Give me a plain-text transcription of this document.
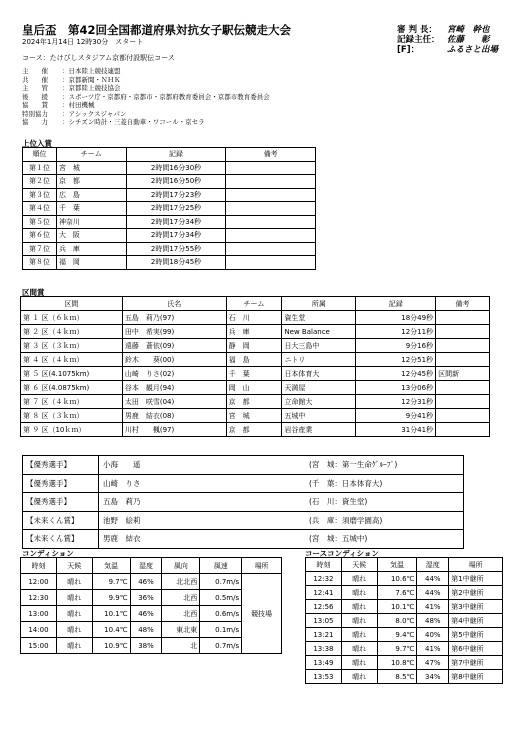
皇后盃　第42回全国都道府県対抗女子駅伝競走大会
2024年1月14日 12時30分　スタート
審 判 長：	宮崎　幹也
記録主任： 佐藤　　彰
[F]：	ふるさと出場
コース：たけびしスタジアム京都付設駅伝コース
主　　催	：日本陸上競技連盟
共　　催	：京都新聞・ＮＨＫ
主　　管	：京都陸上競技協会
後　　援	：スポーツ庁・京都府・京都市・京都府教育委員会・京都市教育委員会
協　　賛	：村田機械
特別協力	：アシックスジャパン
協　　力	：シチズン時計・三菱自動車・ワコール・京セラ
上位入賞
順位	チーム	記録	備考
第１位	宮　城	2時間16分30秒	
第２位	京　都	2時間16分50秒	
第３位	広　島	2時間17分23秒	
第４位	千　葉	2時間17分25秒	
第５位	神奈川	2時間17分34秒	
第６位	大　阪	2時間17分34秒	
第７位	兵　庫	2時間17分55秒	
第８位	福　岡	2時間18分45秒	
区間賞
区間	氏名	チーム	所属	記録	備考
第 １ 区（６ｋｍ）	五島　莉乃(97)	石　川	資生堂	18分49秒	
第 ２ 区（４ｋｍ）	田中　希実(99)	兵　庫	New Balance	12分11秒	
第 ３ 区（３ｋｍ）	遠藤　蒼依(09)	静　岡	日大三島中	9分16秒	
第 ４ 区（４ｋｍ）	鈴木　　葵(00)	福　島	ニトリ	12分51秒	
第 ５ 区(4.1075km)	山崎　りさ(02)	千　葉	日本体育大	12分45秒	区間新
第 ６ 区(4.0875km)	谷本　観月(94)	岡　山	天満屋	13分06秒	
第 ７ 区（４ｋｍ）	太田　咲雪(04)	京　都	立命館大	12分31秒	
第 ８ 区（３ｋｍ）	男鹿　結衣(08)	宮　城	五城中	9分41秒	
第 ９ 区（10ｋｍ）	川村　　楓(97)	京　都	岩谷産業	31分41秒	
【優秀選手】	小海　　遥	(宮　城：第一生命ｸﾞﾙｰﾌﾟ)
【優秀選手】	山崎　りさ	(千　葉：日本体育大)
【優秀選手】	五島　莉乃	(石　川：資生堂)
【未来くん賞】	池野　絵莉	(兵　庫：須磨学園高)
【未来くん賞】	男鹿　結衣	(宮　城：五城中)
コンディション
時刻	天候	気温	湿度	風向	風速	場所
12:00	晴れ	9.7℃	46%	北北西	0.7m/s	競技場
12:30	晴れ	9.9℃	36%	北西	0.5m/s	
13:00	晴れ	10.1℃	46%	北西	0.6m/s	
14:00	晴れ	10.4℃	48%	東北東	0.1m/s	
15:00	晴れ	10.9℃	38%	北	0.7m/s	
コースコンディション
時刻	天候	気温	湿度	場所
12:32	晴れ	10.6℃	44%	第1中継所
12:41	晴れ	7.6℃	44%	第2中継所
12:56	晴れ	10.1℃	41%	第3中継所
13:05	晴れ	8.0℃	48%	第4中継所
13:21	晴れ	9.4℃	40%	第5中継所
13:38	晴れ	9.7℃	41%	第6中継所
13:49	晴れ	10.8℃	47%	第7中継所
13:53	晴れ	8.5℃	34%	第8中継所
